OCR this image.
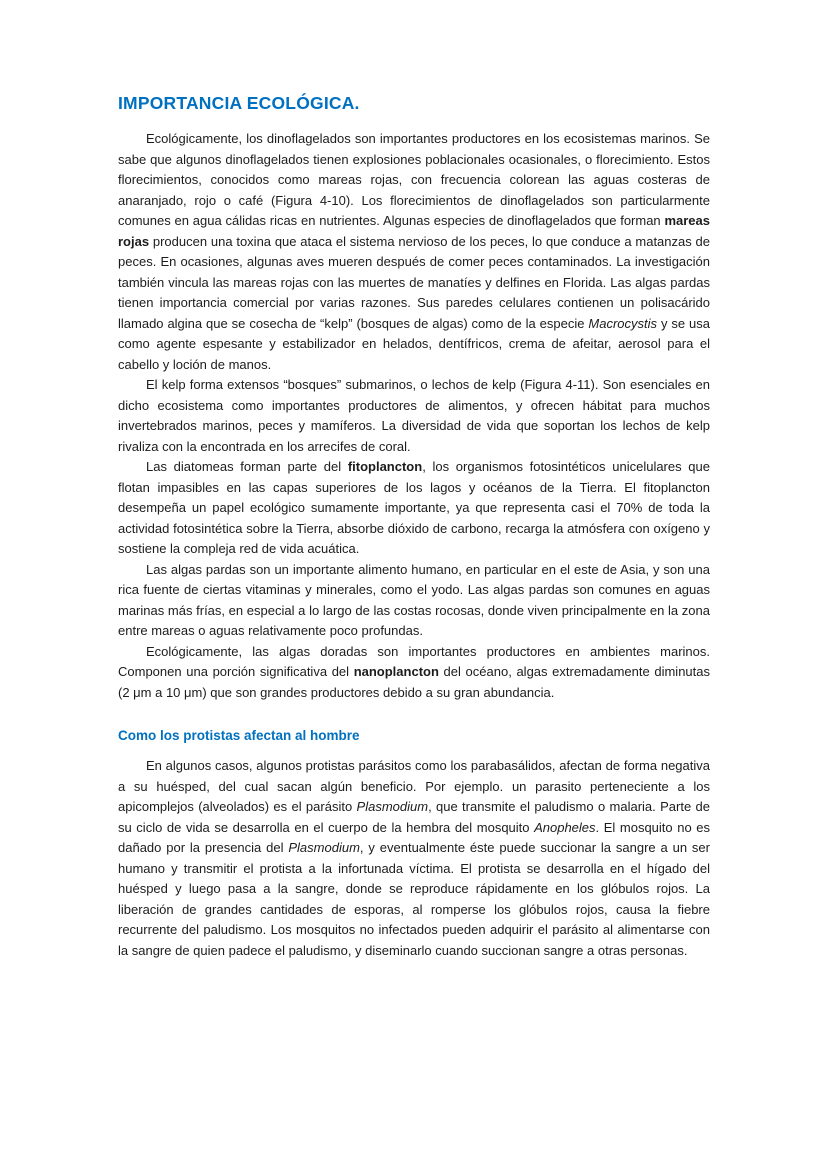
IMPORTANCIA ECOLÓGICA.

Ecológicamente, los dinoflagelados son importantes productores en los ecosistemas marinos. Se sabe que algunos dinoflagelados tienen explosiones poblacionales ocasionales, o florecimiento. Estos florecimientos, conocidos como mareas rojas, con frecuencia colorean las aguas costeras de anaranjado, rojo o café (Figura 4-10). Los florecimientos de dinoflagelados son particularmente comunes en agua cálidas ricas en nutrientes. Algunas especies de dinoflagelados que forman mareas rojas producen una toxina que ataca el sistema nervioso de los peces, lo que conduce a matanzas de peces. En ocasiones, algunas aves mueren después de comer peces contaminados. La investigación también vincula las mareas rojas con las muertes de manatíes y delfines en Florida. Las algas pardas tienen importancia comercial por varias razones. Sus paredes celulares contienen un polisacárido llamado algina que se cosecha de “kelp” (bosques de algas) como de la especie Macrocystis y se usa como agente espesante y estabilizador en helados, dentífricos, crema de afeitar, aerosol para el cabello y loción de manos.

El kelp forma extensos “bosques” submarinos, o lechos de kelp (Figura 4-11). Son esenciales en dicho ecosistema como importantes productores de alimentos, y ofrecen hábitat para muchos invertebrados marinos, peces y mamíferos. La diversidad de vida que soportan los lechos de kelp rivaliza con la encontrada en los arrecifes de coral.

Las diatomeas forman parte del fitoplancton, los organismos fotosintéticos unicelulares que flotan impasibles en las capas superiores de los lagos y océanos de la Tierra. El fitoplancton desempeña un papel ecológico sumamente importante, ya que representa casi el 70% de toda la actividad fotosintética sobre la Tierra, absorbe dióxido de carbono, recarga la atmósfera con oxígeno y sostiene la compleja red de vida acuática.

Las algas pardas son un importante alimento humano, en particular en el este de Asia, y son una rica fuente de ciertas vitaminas y minerales, como el yodo. Las algas pardas son comunes en aguas marinas más frías, en especial a lo largo de las costas rocosas, donde viven principalmente en la zona entre mareas o aguas relativamente poco profundas.

Ecológicamente, las algas doradas son importantes productores en ambientes marinos. Componen una porción significativa del nanoplancton del océano, algas extremadamente diminutas (2 μm a 10 μm) que son grandes productores debido a su gran abundancia.

Como los protistas afectan al hombre

En algunos casos, algunos protistas parásitos como los parabasálidos, afectan de forma negativa a su huésped, del cual sacan algún beneficio. Por ejemplo. un parasito perteneciente a los apicomplejos (alveolados) es el parásito Plasmodium, que transmite el paludismo o malaria. Parte de su ciclo de vida se desarrolla en el cuerpo de la hembra del mosquito Anopheles. El mosquito no es dañado por la presencia del Plasmodium, y eventualmente éste puede succionar la sangre a un ser humano y transmitir el protista a la infortunada víctima. El protista se desarrolla en el hígado del huésped y luego pasa a la sangre, donde se reproduce rápidamente en los glóbulos rojos. La liberación de grandes cantidades de esporas, al romperse los glóbulos rojos, causa la fiebre recurrente del paludismo. Los mosquitos no infectados pueden adquirir el parásito al alimentarse con la sangre de quien padece el paludismo, y diseminarlo cuando succionan sangre a otras personas.
